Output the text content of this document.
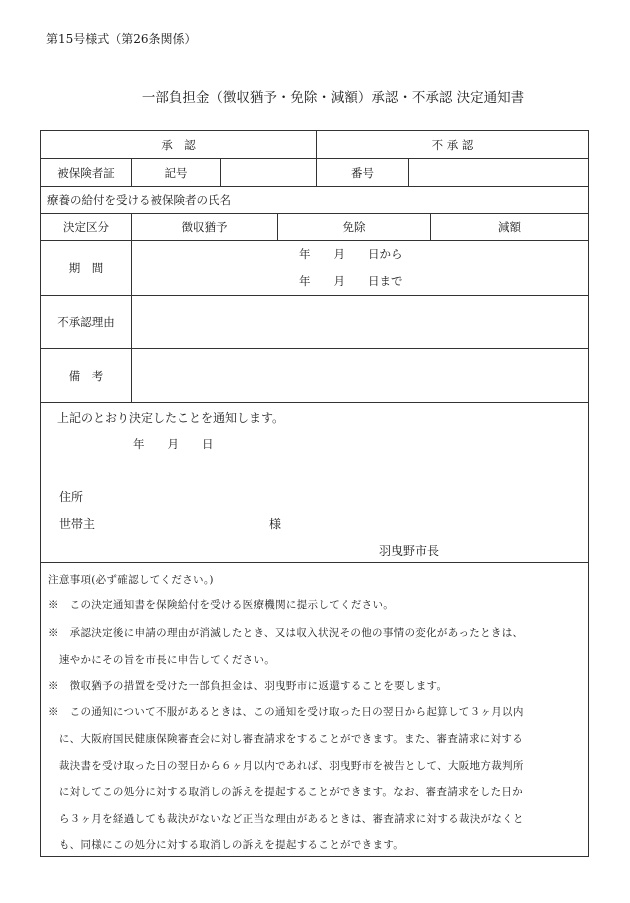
第15号様式（第26条関係）
一部負担金（徴収猶予・免除・減額）承認・不承認 決定通知書
承　認	不 承 認
被保険者証	記号	番号
療養の給付を受ける被保険者の氏名
決定区分	徴収猶予	免除	減額
期　間
年　　月　　日から
年　　月　　日まで
不承認理由
備　考
上記のとおり決定したことを通知します。
年　　月　　日
住所
世帯主	様
羽曳野市長
注意事項(必ず確認してください。)
※　この決定通知書を保険給付を受ける医療機関に提示してください。
※　承認決定後に申請の理由が消滅したとき、又は収入状況その他の事情の変化があったときは、
　速やかにその旨を市長に申告してください。
※　徴収猶予の措置を受けた一部負担金は、羽曳野市に返還することを要します。
※　この通知について不服があるときは、この通知を受け取った日の翌日から起算して３ヶ月以内
　に、大阪府国民健康保険審査会に対し審査請求をすることができます。また、審査請求に対する
　裁決書を受け取った日の翌日から６ヶ月以内であれば、羽曳野市を被告として、大阪地方裁判所
　に対してこの処分に対する取消しの訴えを提起することができます。なお、審査請求をした日か
　ら３ヶ月を経過しても裁決がないなど正当な理由があるときは、審査請求に対する裁決がなくと
　も、同様にこの処分に対する取消しの訴えを提起することができます。
